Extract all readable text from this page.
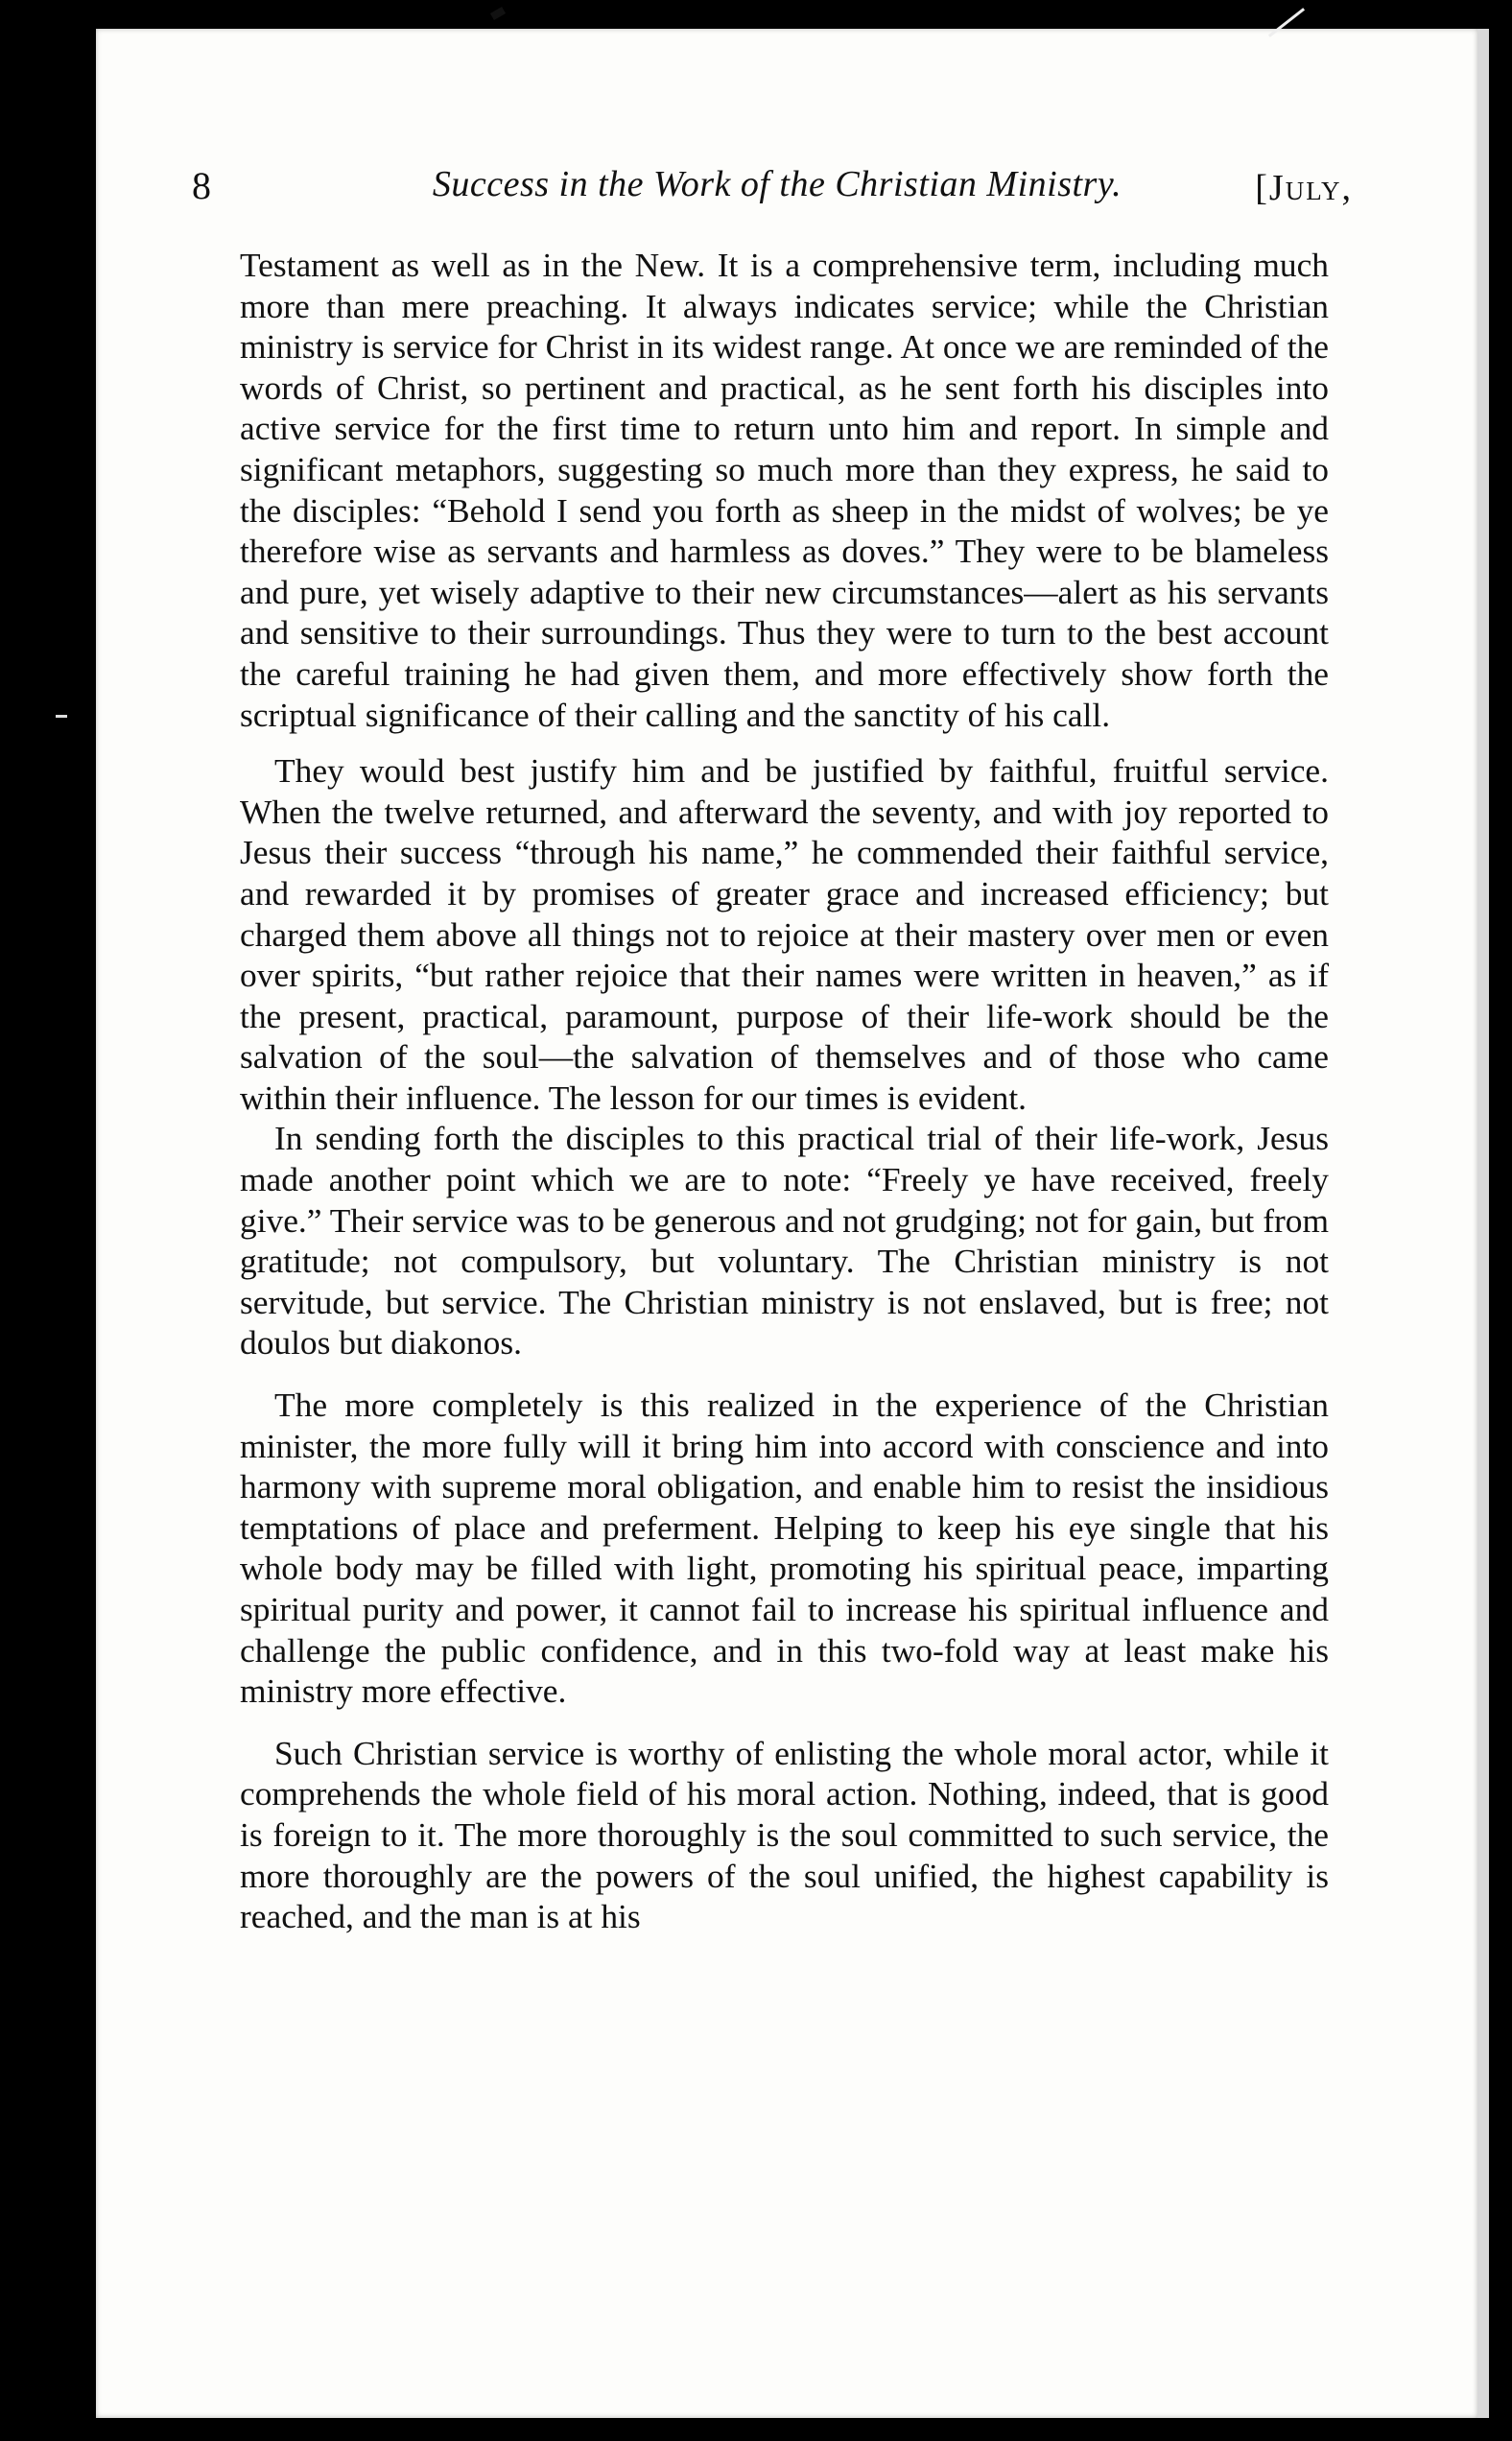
8	Success in the Work of the Christian Ministry.	[July,

Testament as well as in the New. It is a comprehensive term, including much more than mere preaching. It always indicates service; while the Christian ministry is service for Christ in its widest range. At once we are reminded of the words of Christ, so pertinent and practical, as he sent forth his disciples into active service for the first time to return unto him and report. In simple and significant metaphors, suggesting so much more than they express, he said to the disciples: “Behold I send you forth as sheep in the midst of wolves; be ye therefore wise as servants and harmless as doves.” They were to be blameless and pure, yet wisely adaptive to their new circumstances—alert as his servants and sensitive to their surroundings. Thus they were to turn to the best account the careful training he had given them, and more effectively show forth the scriptual significance of their calling and the sanctity of his call.

They would best justify him and be justified by faithful, fruitful service. When the twelve returned, and afterward the seventy, and with joy reported to Jesus their success “through his name,” he commended their faithful service, and rewarded it by promises of greater grace and increased efficiency; but charged them above all things not to rejoice at their mastery over men or even over spirits, “but rather rejoice that their names were written in heaven,” as if the present, practical, paramount, purpose of their life-work should be the salvation of the soul—the salvation of themselves and of those who came within their influence. The lesson for our times is evident.

In sending forth the disciples to this practical trial of their life-work, Jesus made another point which we are to note: “Freely ye have received, freely give.” Their service was to be generous and not grudging; not for gain, but from gratitude; not compulsory, but voluntary. The Christian ministry is not servitude, but service. The Christian ministry is not enslaved, but is free; not doulos but diakonos.

The more completely is this realized in the experience of the Christian minister, the more fully will it bring him into accord with conscience and into harmony with supreme moral obligation, and enable him to resist the insidious temptations of place and preferment. Helping to keep his eye single that his whole body may be filled with light, promoting his spiritual peace, imparting spiritual purity and power, it cannot fail to increase his spiritual influence and challenge the public confidence, and in this two-fold way at least make his ministry more effective.

Such Christian service is worthy of enlisting the whole moral actor, while it comprehends the whole field of his moral action. Nothing, indeed, that is good is foreign to it. The more thoroughly is the soul committed to such service, the more thoroughly are the powers of the soul unified, the highest capability is reached, and the man is at his
